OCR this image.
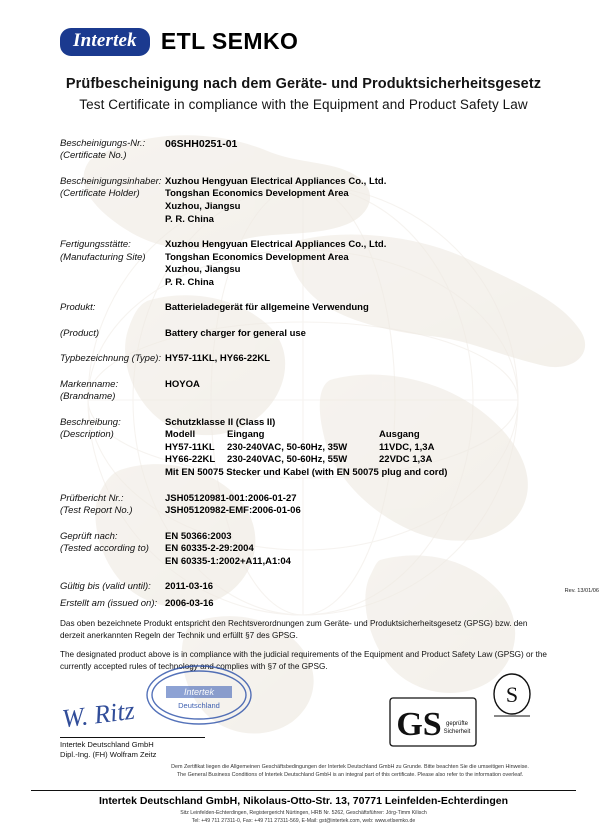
Intertek	ETL SEMKO
Prüfbescheinigung nach dem Geräte- und Produktsicherheitsgesetz
Test Certificate in compliance with the Equipment and Product Safety Law
Bescheinigungs-Nr.:
(Certificate No.)
06SHH0251-01
Bescheinigungsinhaber:
(Certificate Holder)
Xuzhou Hengyuan Electrical Appliances Co., Ltd.
Tongshan Economics Development Area
Xuzhou, Jiangsu
P. R. China
Fertigungsstätte:
(Manufacturing Site)
Xuzhou Hengyuan Electrical Appliances Co., Ltd.
Tongshan Economics Development Area
Xuzhou, Jiangsu
P. R. China
Produkt:	Batterieladegerät für allgemeine Verwendung
(Product)	Battery charger for general use
Typbezeichnung (Type): HY57-11KL, HY66-22KL
Markenname:
(Brandname)
HOYOA
Beschreibung:
(Description)
Schutzklasse II (Class II)
Modell	Eingang	Ausgang
HY57-11KL	230-240VAC, 50-60Hz, 35W	11VDC, 1,3A
HY66-22KL	230-240VAC, 50-60Hz, 55W	22VDC 1,3A
Mit EN 50075 Stecker und Kabel (with EN 50075 plug and cord)
Prüfbericht Nr.:
(Test Report No.)
JSH05120981-001:2006-01-27
JSH05120982-EMF:2006-01-06
Geprüft nach:
(Tested according to)
EN 50366:2003
EN 60335-2-29:2004
EN 60335-1:2002+A11,A1:04
Gültig bis (valid until):	2011-03-16
Erstellt am (issued on): 2006-03-16
Rev. 13/01/06

Das oben bezeichnete Produkt entspricht den Rechtsverordnungen zum Geräte- und Produktsicherheitsgesetz (GPSG) bzw. den derzeit anerkannten Regeln der Technik und erfüllt §7 des GPSG.

The designated product above is in compliance with the judicial requirements of the Equipment and Product Safety Law (GPSG) or the currently accepted rules of technology and complies with §7 of the GPSG.

W. Ritz
Intertek Deutschland GmbH
Dipl.-Ing. (FH) Wolfram Zeitz
Dem Zertifikat liegen die Allgemeinen Geschäftsbedingungen der Intertek Deutschland GmbH zu Grunde. Bitte beachten Sie die umseitigen Hinweise.
The General Business Conditions of Intertek Deutschland GmbH is an integral part of this certificate. Please also refer to the information overleaf.
Intertek Deutschland GmbH, Nikolaus-Otto-Str. 13, 70771 Leinfelden-Echterdingen
Sitz Leinfelden-Echterdingen, Registergericht Nürtingen, HRB Nr. 5262, Geschäftsführer: Jörg-Timm Kilisch
Tel: +49 711 27311-0, Fax: +49 711 27311-569, E-Mail: gst@intertek.com, web: www.etlsemko.de
Intertek
Deutschland	S
GS geprüfte
Sicherheit
